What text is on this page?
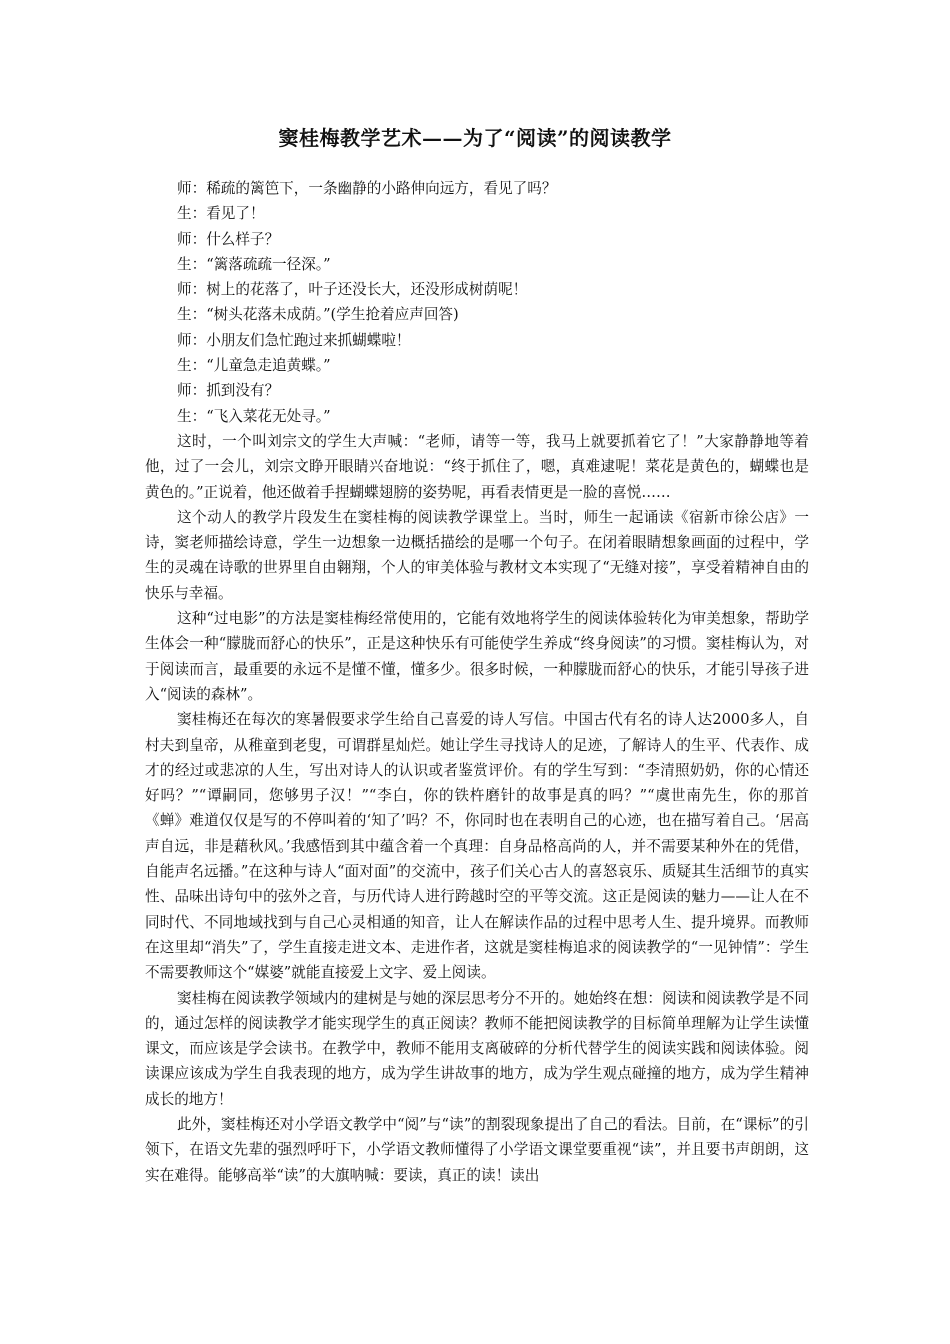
窦桂梅教学艺术——为了“阅读”的阅读教学

师：稀疏的篱笆下，一条幽静的小路伸向远方，看见了吗？

生：看见了！

师：什么样子？

生：“篱落疏疏一径深。”

师：树上的花落了，叶子还没长大，还没形成树荫呢！

生：“树头花落未成荫。”(学生抢着应声回答)

师：小朋友们急忙跑过来抓蝴蝶啦！

生：“儿童急走追黄蝶。”

师：抓到没有？

生：“飞入菜花无处寻。”

这时，一个叫刘宗文的学生大声喊：“老师，请等一等，我马上就要抓着它了！”大家静静地等着他，过了一会儿，刘宗文睁开眼睛兴奋地说：“终于抓住了，嗯，真难逮呢！菜花是黄色的，蝴蝶也是黄色的。”正说着，他还做着手捏蝴蝶翅膀的姿势呢，再看表情更是一脸的喜悦……

这个动人的教学片段发生在窦桂梅的阅读教学课堂上。当时，师生一起诵读《宿新市徐公店》一诗，窦老师描绘诗意，学生一边想象一边概括描绘的是哪一个句子。在闭着眼睛想象画面的过程中，学生的灵魂在诗歌的世界里自由翱翔，个人的审美体验与教材文本实现了“无缝对接”，享受着精神自由的快乐与幸福。

这种“过电影”的方法是窦桂梅经常使用的，它能有效地将学生的阅读体验转化为审美想象，帮助学生体会一种“朦胧而舒心的快乐”，正是这种快乐有可能使学生养成“终身阅读”的习惯。窦桂梅认为，对于阅读而言，最重要的永远不是懂不懂，懂多少。很多时候，一种朦胧而舒心的快乐，才能引导孩子进入“阅读的森林”。

窦桂梅还在每次的寒暑假要求学生给自己喜爱的诗人写信。中国古代有名的诗人达2000多人，自村夫到皇帝，从稚童到老叟，可谓群星灿烂。她让学生寻找诗人的足迹，了解诗人的生平、代表作、成才的经过或悲凉的人生，写出对诗人的认识或者鉴赏评价。有的学生写到：“李清照奶奶，你的心情还好吗？”“谭嗣同，您够男子汉！”“李白，你的铁杵磨针的故事是真的吗？”“虞世南先生，你的那首《蝉》难道仅仅是写的不停叫着的‘知了’吗？不，你同时也在表明自己的心迹，也在描写着自己。‘居高声自远，非是藉秋风。’我感悟到其中蕴含着一个真理：自身品格高尚的人，并不需要某种外在的凭借，自能声名远播。”在这种与诗人“面对面”的交流中，孩子们关心古人的喜怒哀乐、质疑其生活细节的真实性、品味出诗句中的弦外之音，与历代诗人进行跨越时空的平等交流。这正是阅读的魅力——让人在不同时代、不同地域找到与自己心灵相通的知音，让人在解读作品的过程中思考人生、提升境界。而教师在这里却“消失”了，学生直接走进文本、走进作者，这就是窦桂梅追求的阅读教学的“一见钟情”：学生不需要教师这个“媒婆”就能直接爱上文字、爱上阅读。

窦桂梅在阅读教学领域内的建树是与她的深层思考分不开的。她始终在想：阅读和阅读教学是不同的，通过怎样的阅读教学才能实现学生的真正阅读？教师不能把阅读教学的目标简单理解为让学生读懂课文，而应该是学会读书。在教学中，教师不能用支离破碎的分析代替学生的阅读实践和阅读体验。阅读课应该成为学生自我表现的地方，成为学生讲故事的地方，成为学生观点碰撞的地方，成为学生精神成长的地方！

此外，窦桂梅还对小学语文教学中“阅”与“读”的割裂现象提出了自己的看法。目前，在“课标”的引领下，在语文先辈的强烈呼吁下，小学语文教师懂得了小学语文课堂要重视“读”，并且要书声朗朗，这实在难得。能够高举“读”的大旗呐喊：要读，真正的读！读出
